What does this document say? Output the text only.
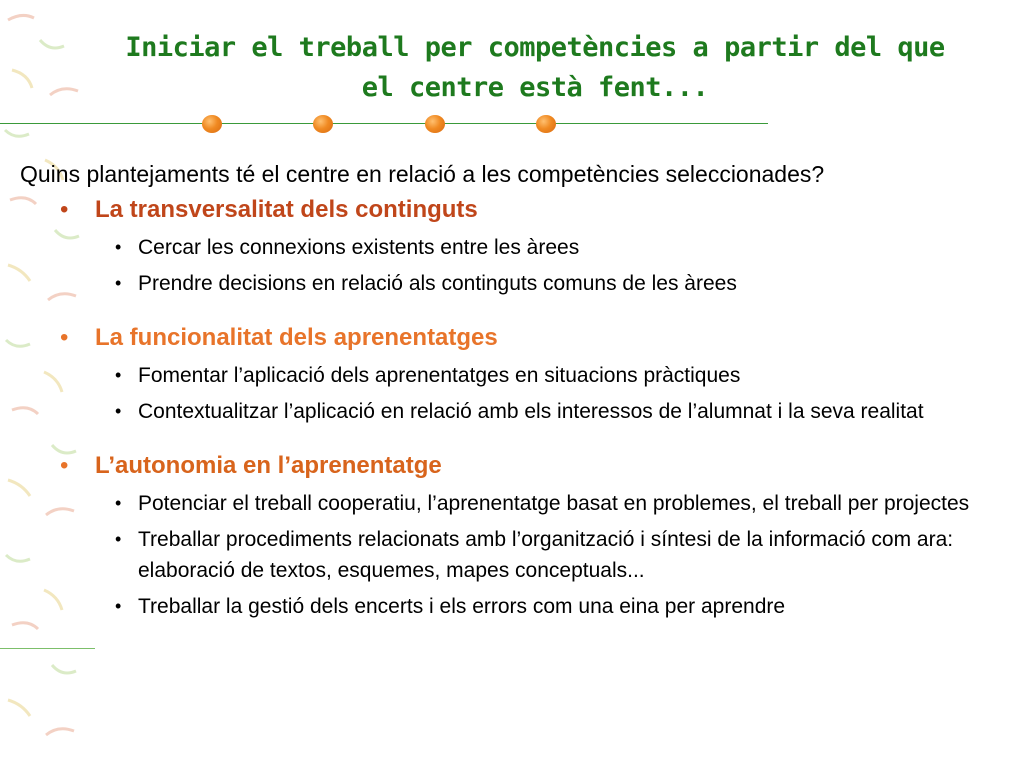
Iniciar el treball per competències a partir del que
el centre està fent...
Quins plantejaments té el centre en relació a les competències seleccionades?
• La transversalitat dels continguts
• Cercar les connexions existents entre les àrees
• Prendre decisions en relació als continguts comuns de les àrees
• La funcionalitat dels aprenentatges
• Fomentar l’aplicació dels aprenentatges en situacions pràctiques
• Contextualitzar l’aplicació en relació amb els interessos de l’alumnat i la seva realitat
• L’autonomia en l’aprenentatge
• Potenciar el treball cooperatiu, l’aprenentatge basat en problemes, el treball per projectes
• Treballar procediments relacionats amb l’organització i síntesi de la informació com ara: elaboració de textos, esquemes, mapes conceptuals...
• Treballar la gestió dels encerts i els errors com una eina per aprendre
